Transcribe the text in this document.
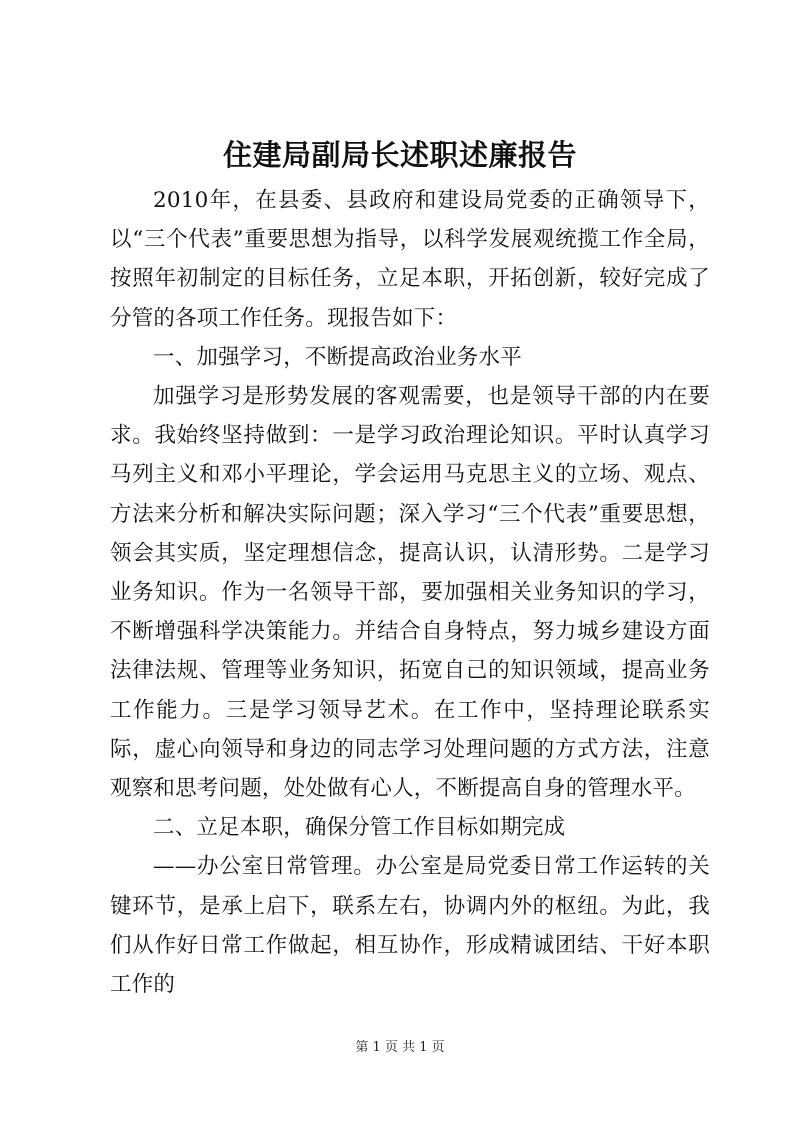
住建局副局长述职述廉报告

2010年，在县委、县政府和建设局党委的正确领导下，以“三个代表”重要思想为指导，以科学发展观统揽工作全局，按照年初制定的目标任务，立足本职，开拓创新，较好完成了分管的各项工作任务。现报告如下：

一、加强学习，不断提高政治业务水平

加强学习是形势发展的客观需要，也是领导干部的内在要求。我始终坚持做到：一是学习政治理论知识。平时认真学习马列主义和邓小平理论，学会运用马克思主义的立场、观点、方法来分析和解决实际问题；深入学习“三个代表”重要思想，领会其实质，坚定理想信念，提高认识，认清形势。二是学习业务知识。作为一名领导干部，要加强相关业务知识的学习，不断增强科学决策能力。并结合自身特点，努力城乡建设方面法律法规、管理等业务知识，拓宽自己的知识领域，提高业务工作能力。三是学习领导艺术。在工作中，坚持理论联系实际，虚心向领导和身边的同志学习处理问题的方式方法，注意观察和思考问题，处处做有心人，不断提高自身的管理水平。

二、立足本职，确保分管工作目标如期完成

——办公室日常管理。办公室是局党委日常工作运转的关键环节，是承上启下，联系左右，协调内外的枢纽。为此，我们从作好日常工作做起，相互协作，形成精诚团结、干好本职工作的

第 1 页 共 1 页
